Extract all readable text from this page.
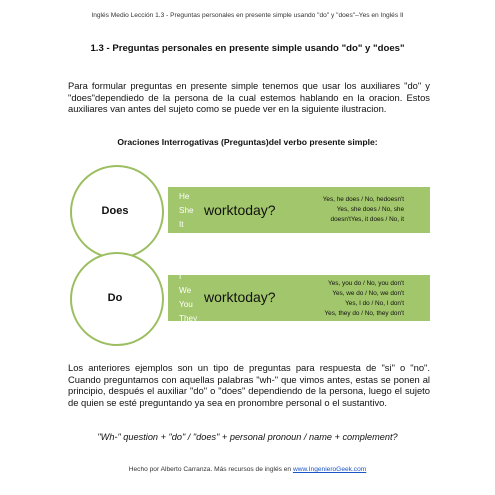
Inglés Medio Lección 1.3 - Preguntas personales en presente simple usando "do" y "does"–Yes en Inglés II
1.3 - Preguntas personales en presente simple usando "do" y "does"
Para formular preguntas en presente simple tenemos que usar los auxiliares "do" y "does"dependiedo de la persona de la cual estemos hablando en la oracion. Estos auxiliares van antes del sujeto como se puede ver en la siguiente ilustracion.
Oraciones Interrogativas (Preguntas)del verbo presente simple:
Does
He
She
It
worktoday?
Yes, he does / No, hedoesn't
Yes, she does / No, she
doesn'tYes, it does / No, it
Do
I
We
You
They
worktoday?
Yes, you do / No, you don't
Yes, we do / No, we don't
Yes, I do / No, I don't
Yes, they do / No, they don't
Los anteriores ejemplos son un tipo de preguntas para respuesta de "si" o "no". Cuando preguntamos con aquellas palabras "wh-" que vimos antes, estas se ponen al principio, después el auxiliar "do" o "does" dependiendo de la persona, luego el sujeto de quien se esté preguntando ya sea en pronombre personal o el sustantivo.
"Wh-" question + "do" / "does" + personal pronoun / name + complement?
Hecho por Alberto Carranza. Más recursos de inglés en www.IngenieroGeek.com
